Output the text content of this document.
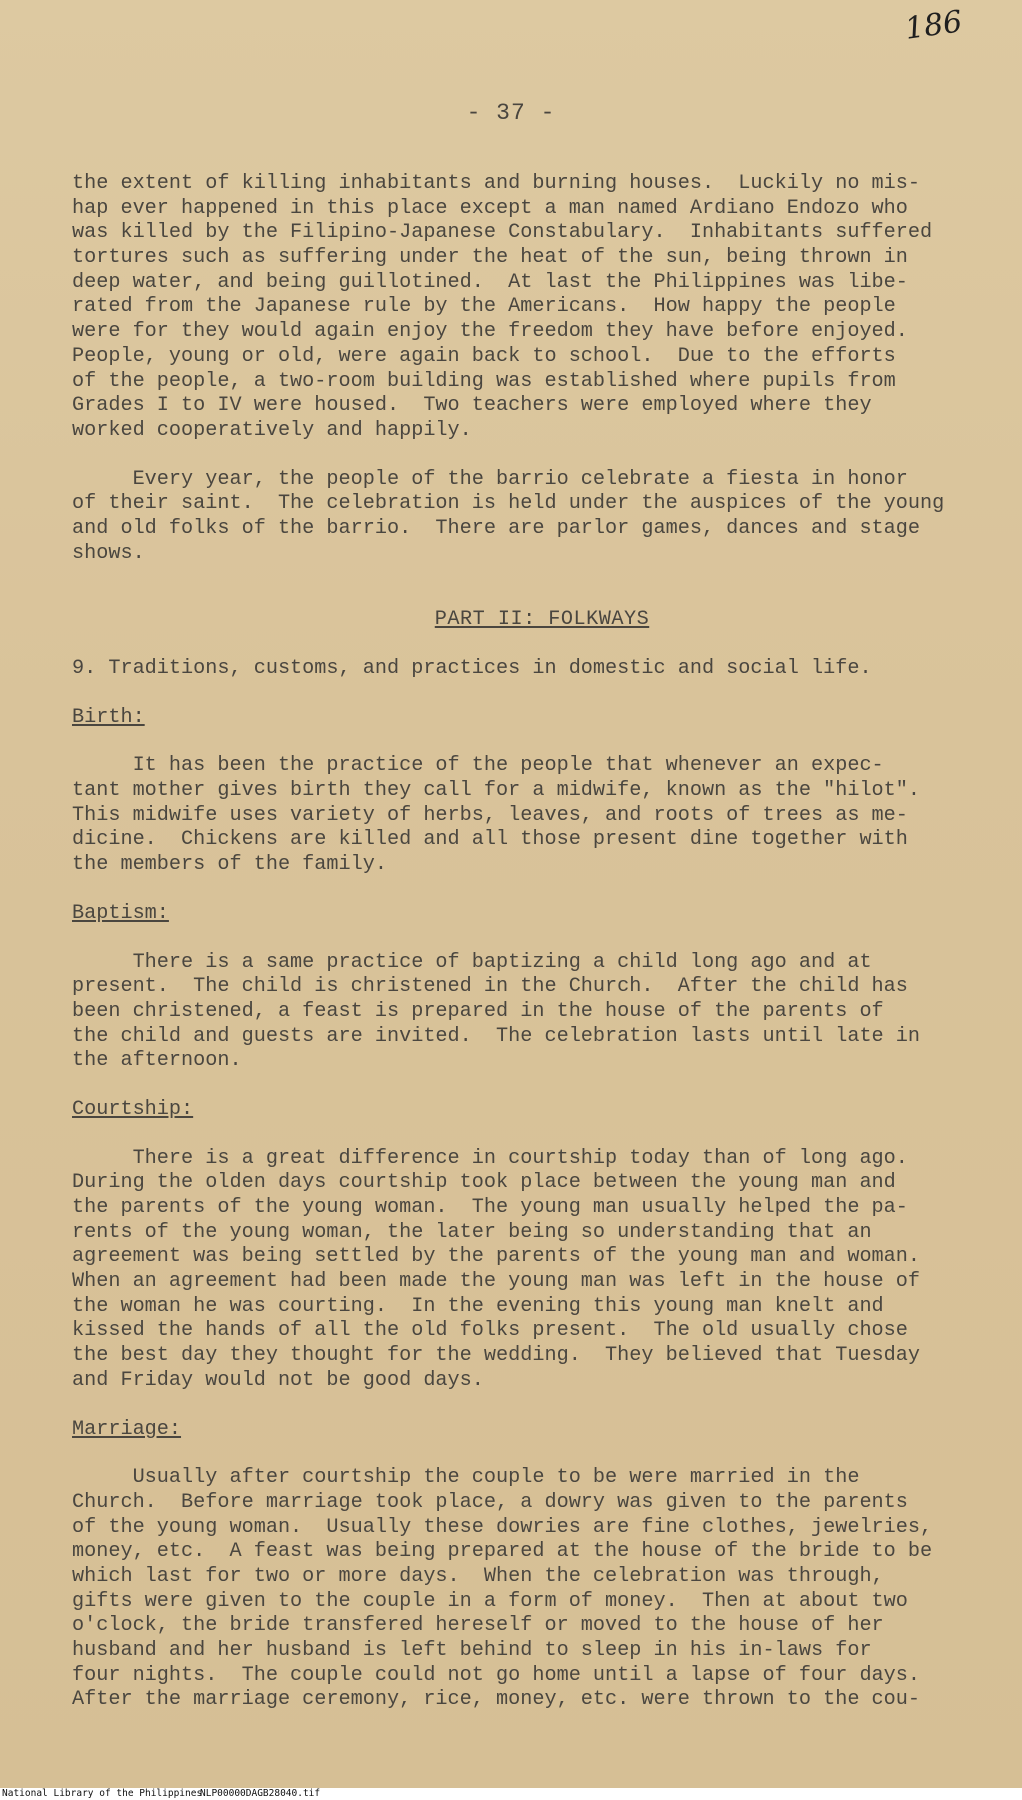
186
- 37 -
the extent of killing inhabitants and burning houses.  Luckily no mis-
hap ever happened in this place except a man named Ardiano Endozo who
was killed by the Filipino-Japanese Constabulary.  Inhabitants suffered
tortures such as suffering under the heat of the sun, being thrown in
deep water, and being guillotined.  At last the Philippines was libe-
rated from the Japanese rule by the Americans.  How happy the people
were for they would again enjoy the freedom they have before enjoyed.
People, young or old, were again back to school.  Due to the efforts
of the people, a two-room building was established where pupils from
Grades I to IV were housed.  Two teachers were employed where they
worked cooperatively and happily.
Every year, the people of the barrio celebrate a fiesta in honor
of their saint.  The celebration is held under the auspices of the young
and old folks of the barrio.  There are parlor games, dances and stage
shows.
PART II: FOLKWAYS
9. Traditions, customs, and practices in domestic and social life.
Birth:
It has been the practice of the people that whenever an expec-
tant mother gives birth they call for a midwife, known as the "hilot".
This midwife uses variety of herbs, leaves, and roots of trees as me-
dicine.  Chickens are killed and all those present dine together with
the members of the family.
Baptism:
There is a same practice of baptizing a child long ago and at
present.  The child is christened in the Church.  After the child has
been christened, a feast is prepared in the house of the parents of
the child and guests are invited.  The celebration lasts until late in
the afternoon.
Courtship:
There is a great difference in courtship today than of long ago.
During the olden days courtship took place between the young man and
the parents of the young woman.  The young man usually helped the pa-
rents of the young woman, the later being so understanding that an
agreement was being settled by the parents of the young man and woman.
When an agreement had been made the young man was left in the house of
the woman he was courting.  In the evening this young man knelt and
kissed the hands of all the old folks present.  The old usually chose
the best day they thought for the wedding.  They believed that Tuesday
and Friday would not be good days.
Marriage:
Usually after courtship the couple to be were married in the
Church.  Before marriage took place, a dowry was given to the parents
of the young woman.  Usually these dowries are fine clothes, jewelries,
money, etc.  A feast was being prepared at the house of the bride to be
which last for two or more days.  When the celebration was through,
gifts were given to the couple in a form of money.  Then at about two
o'clock, the bride transfered hereself or moved to the house of her
husband and her husband is left behind to sleep in his in-laws for
four nights.  The couple could not go home until a lapse of four days.
After the marriage ceremony, rice, money, etc. were thrown to the cou-
National Library of the Philippines
NLP00000DAGB28040.tif
